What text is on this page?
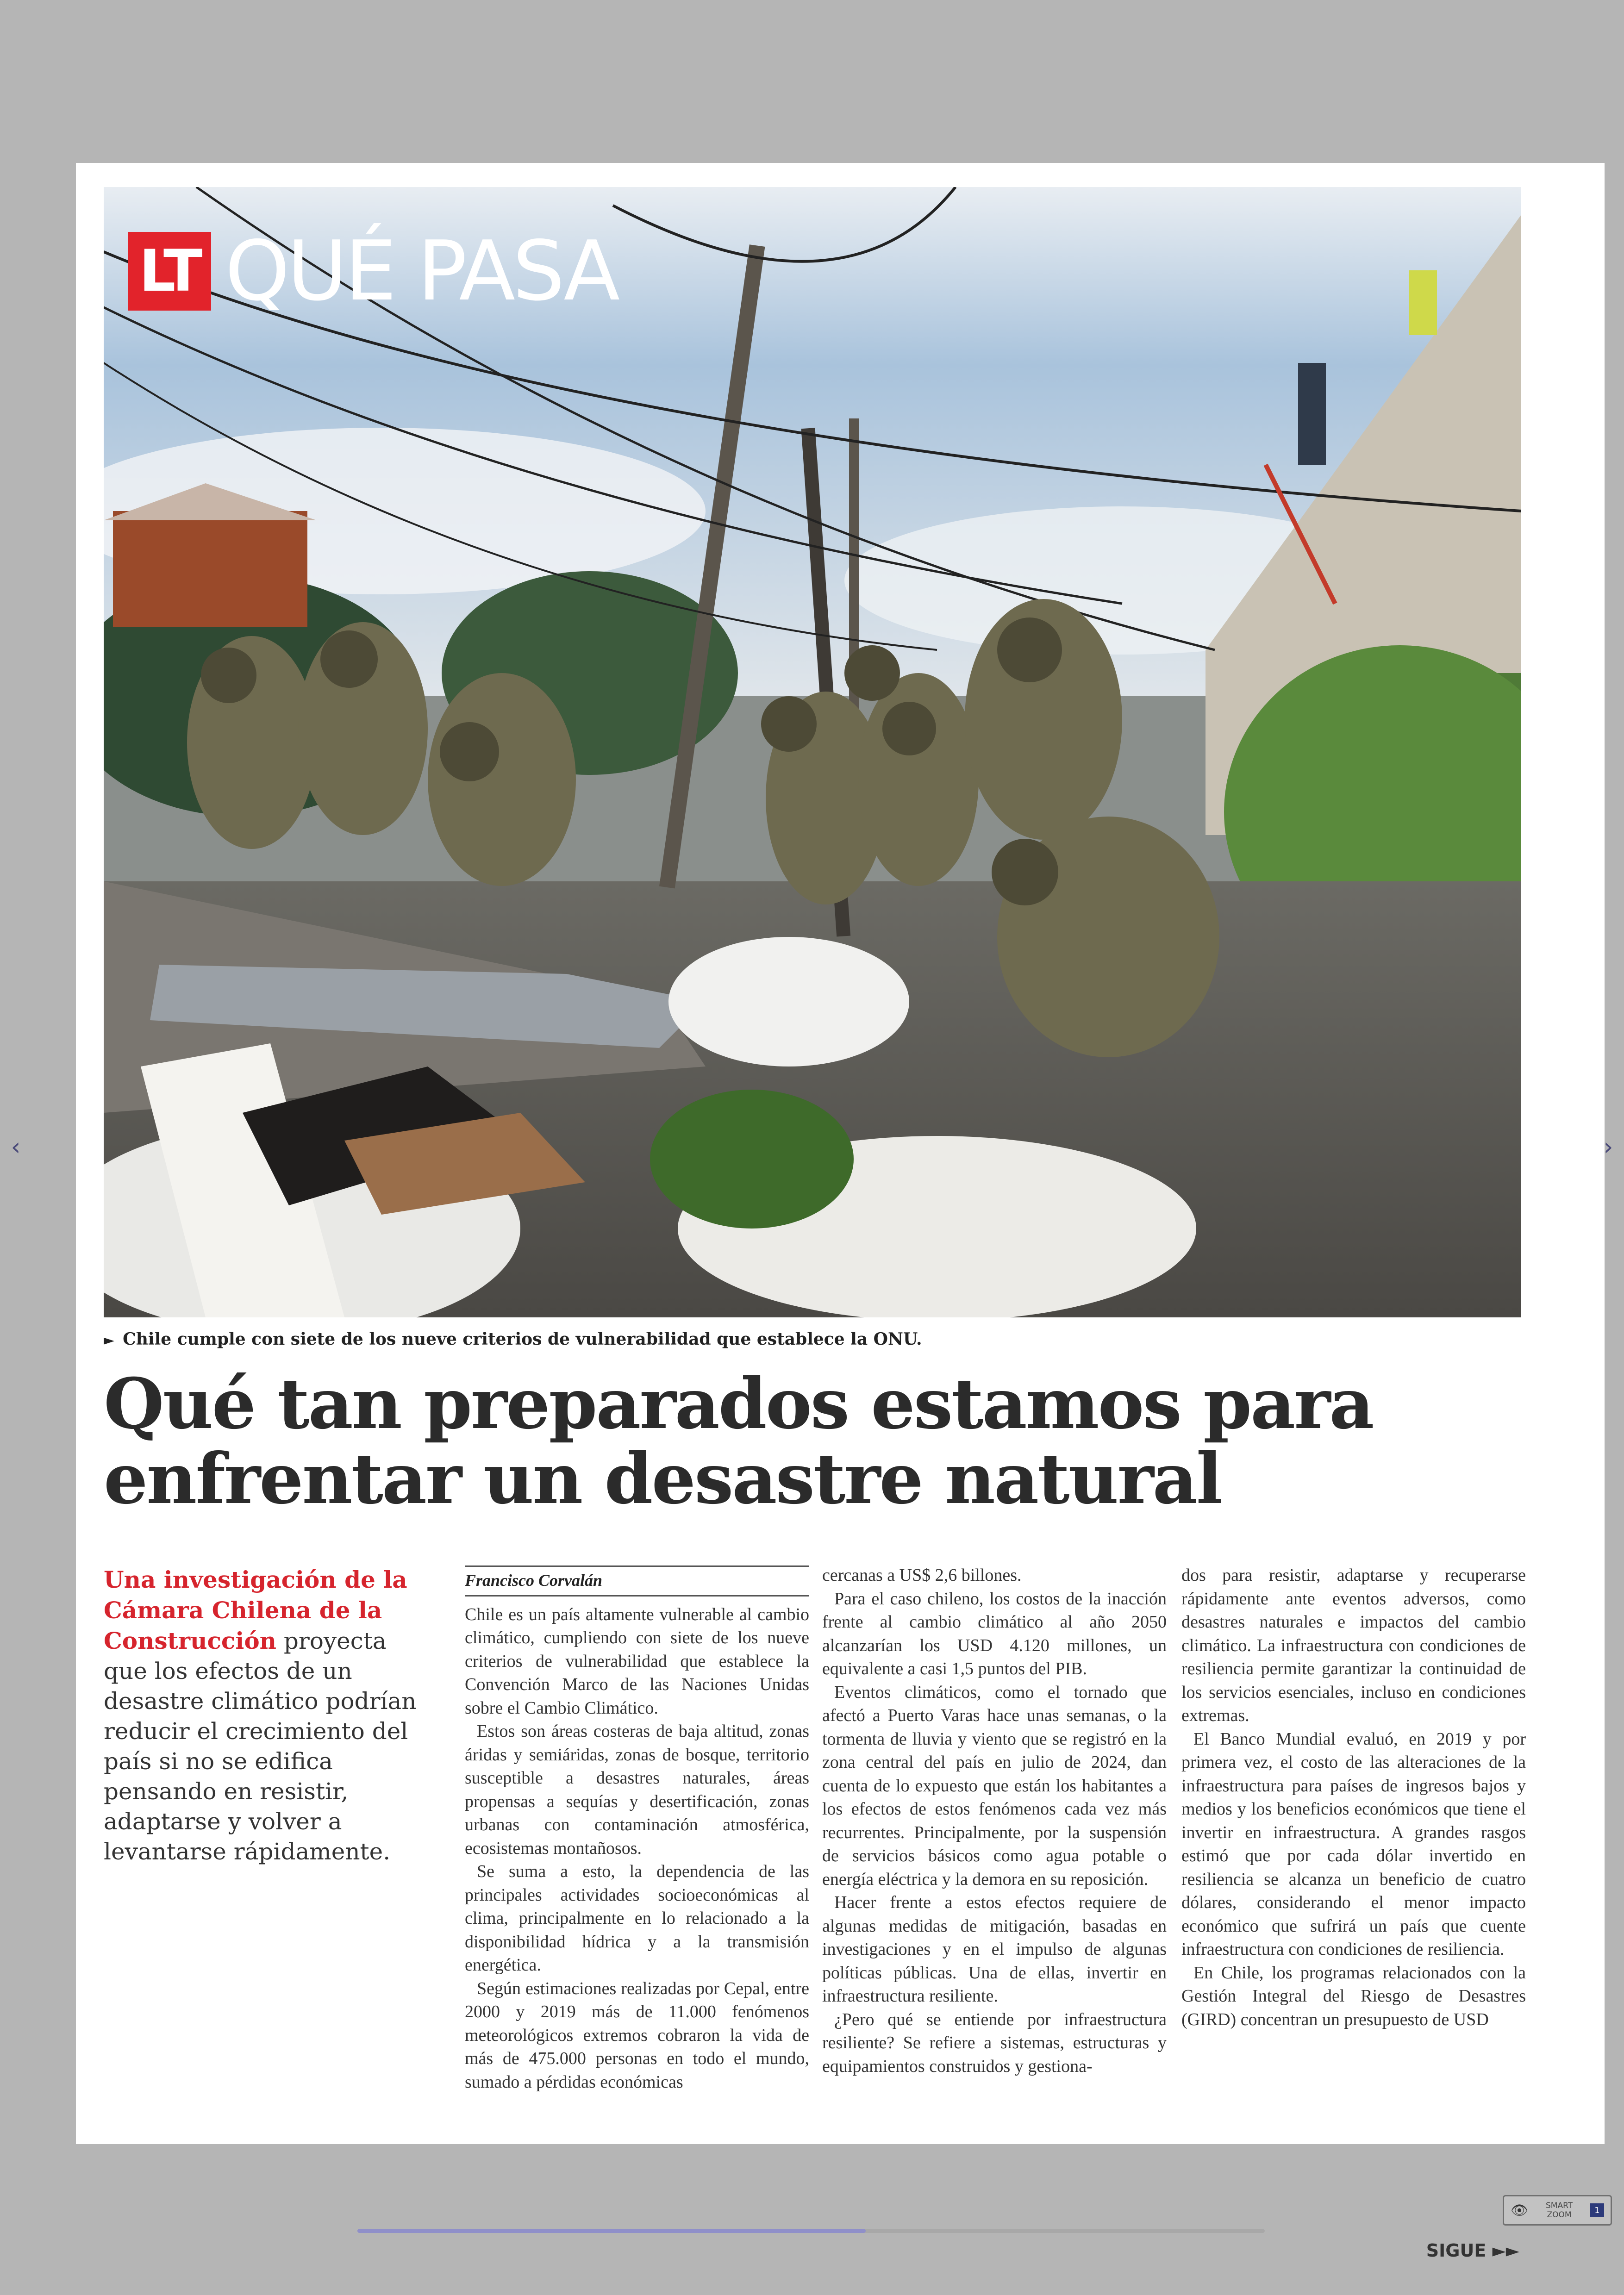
LT QUÉ PASA
► Chile cumple con siete de los nueve criterios de vulnerabilidad que establece la ONU.
Qué tan preparados estamos para
enfrentar un desastre natural
Una investigación de la Cámara Chilena de la Construcción proyecta que los efectos de un desastre climático podrían reducir el crecimiento del país si no se edifica pensando en resistir, adaptarse y volver a levantarse rápidamente.
Francisco Corvalán

Chile es un país altamente vulnerable al cambio climático, cumpliendo con siete de los nueve criterios de vulnerabilidad que establece la Convención Marco de las Naciones Unidas sobre el Cambio Climático.

Estos son áreas costeras de baja altitud, zonas áridas y semiáridas, zonas de bosque, territorio susceptible a desastres naturales, áreas propensas a sequías y desertificación, zonas urbanas con contaminación atmosférica, ecosistemas montañosos.

Se suma a esto, la dependencia de las principales actividades socioeconómicas al clima, principalmente en lo relacionado a la disponibilidad hídrica y a la transmisión energética.

Según estimaciones realizadas por Cepal, entre 2000 y 2019 más de 11.000 fenómenos meteorológicos extremos cobraron la vida de más de 475.000 personas en todo el mundo, sumado a pérdidas económicas

cercanas a US$ 2,6 billones.

Para el caso chileno, los costos de la inacción frente al cambio climático al año 2050 alcanzarían los USD 4.120 millones, un equivalente a casi 1,5 puntos del PIB.

Eventos climáticos, como el tornado que afectó a Puerto Varas hace unas semanas, o la tormenta de lluvia y viento que se registró en la zona central del país en julio de 2024, dan cuenta de lo expuesto que están los habitantes a los efectos de estos fenómenos cada vez más recurrentes. Principalmente, por la suspensión de servicios básicos como agua potable o energía eléctrica y la demora en su reposición.

Hacer frente a estos efectos requiere de algunas medidas de mitigación, basadas en investigaciones y en el impulso de algunas políticas públicas. Una de ellas, invertir en infraestructura resiliente.

¿Pero qué se entiende por infraestructura resiliente? Se refiere a sistemas, estructuras y equipamientos construidos y gestiona-

dos para resistir, adaptarse y recuperarse rápidamente ante eventos adversos, como desastres naturales e impactos del cambio climático. La infraestructura con condiciones de resiliencia permite garantizar la continuidad de los servicios esenciales, incluso en condiciones extremas.

El Banco Mundial evaluó, en 2019 y por primera vez, el costo de las alteraciones de la infraestructura para países de ingresos bajos y medios y los beneficios económicos que tiene el invertir en infraestructura. A grandes rasgos estimó que por cada dólar invertido en resiliencia se alcanza un beneficio de cuatro dólares, considerando el menor impacto económico que sufrirá un país que cuente infraestructura con condiciones de resiliencia.

En Chile, los programas relacionados con la Gestión Integral del Riesgo de Desastres (GIRD) concentran un presupuesto de USD

SIGUE ►►
‹	›
👁	SMART
ZOOM	1
